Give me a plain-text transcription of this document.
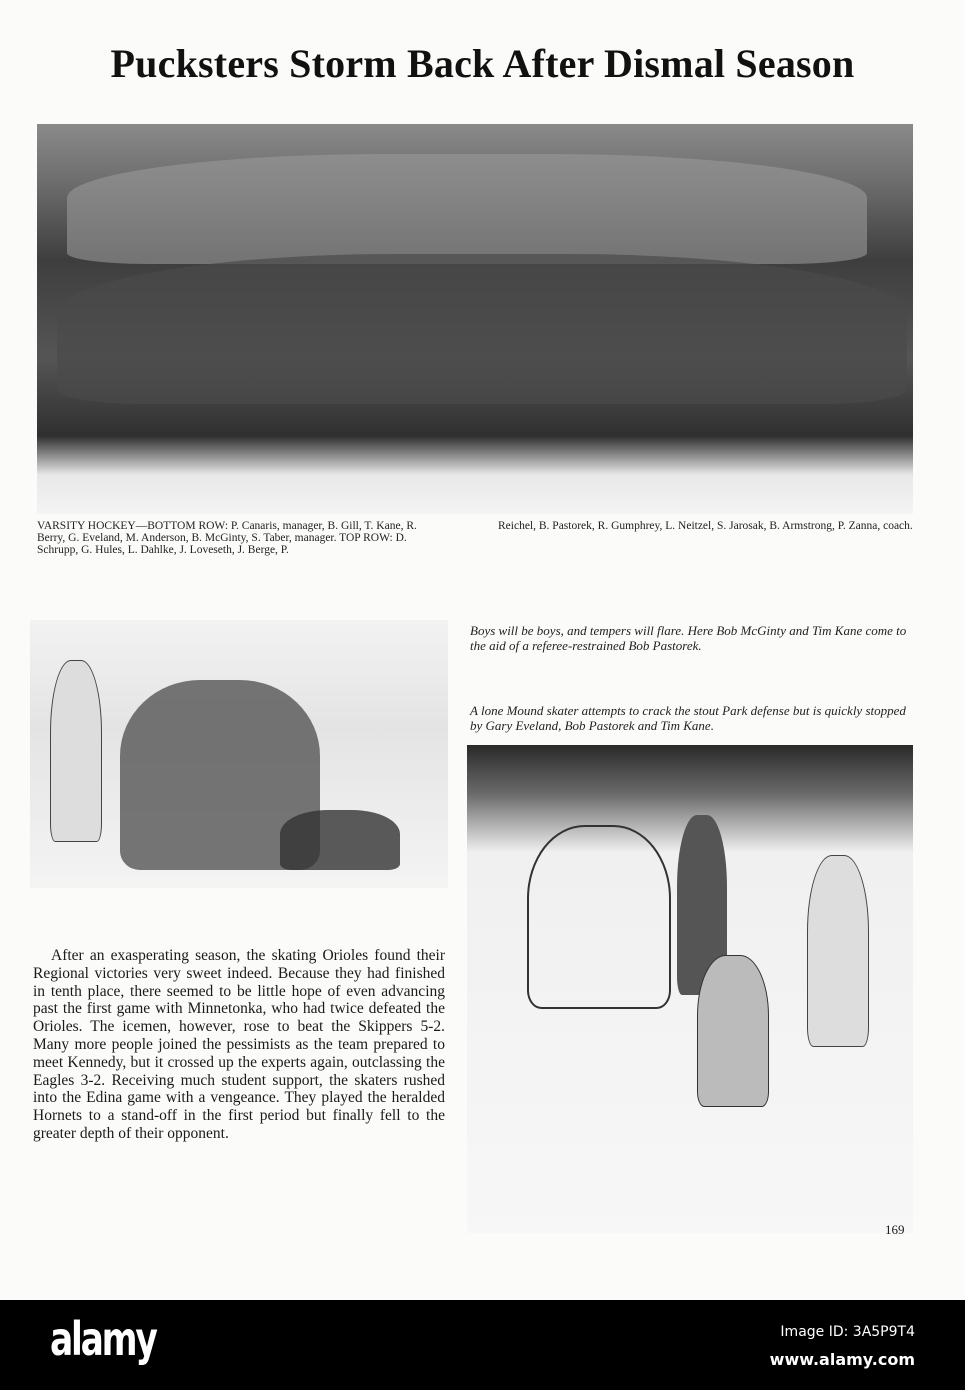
Pucksters Storm Back After Dismal Season
VARSITY HOCKEY—BOTTOM ROW: P. Canaris, manager, B. Gill, T. Kane, R. Berry, G. Eveland, M. Anderson, B. McGinty, S. Taber, manager. TOP ROW: D. Schrupp, G. Hules, L. Dahlke, J. Loveseth, J. Berge, P.
Reichel, B. Pastorek, R. Gumphrey, L. Neitzel, S. Jarosak, B. Armstrong, P. Zanna, coach.
Boys will be boys, and tempers will flare. Here Bob McGinty and Tim Kane come to the aid of a referee-restrained Bob Pastorek.
A lone Mound skater attempts to crack the stout Park defense but is quickly stopped by Gary Eveland, Bob Pastorek and Tim Kane.
After an exasperating season, the skating Orioles found their Regional victories very sweet indeed. Because they had finished in tenth place, there seemed to be little hope of even advancing past the first game with Minnetonka, who had twice defeated the Orioles. The icemen, however, rose to beat the Skippers 5-2. Many more people joined the pessimists as the team prepared to meet Kennedy, but it crossed up the experts again, outclassing the Eagles 3-2. Receiving much student support, the skaters rushed into the Edina game with a vengeance. They played the heralded Hornets to a stand-off in the first period but finally fell to the greater depth of their opponent.
169
alamy	Image ID: 3A5P9T4
www.alamy.com
